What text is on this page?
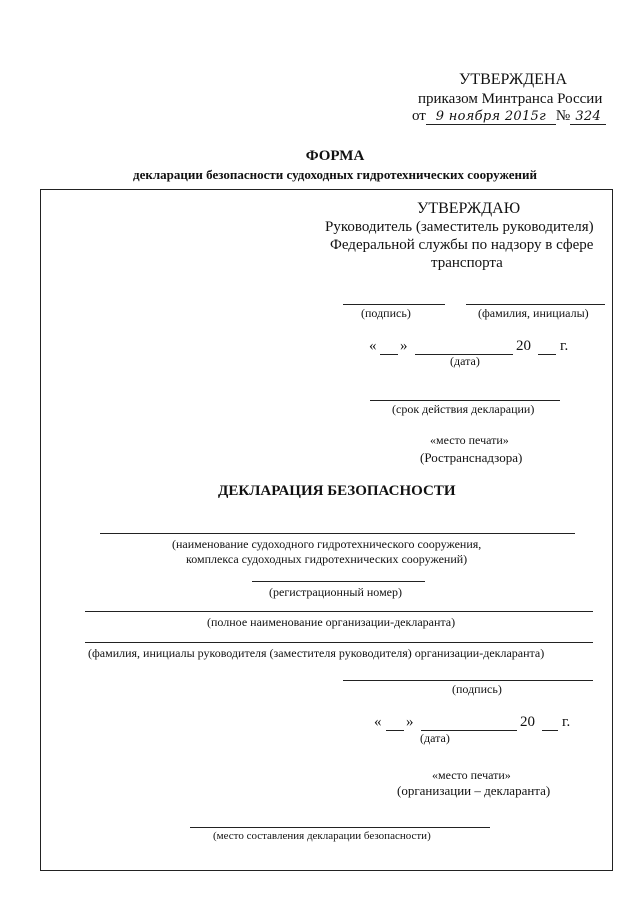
УТВЕРЖДЕНА
приказом Минтранса России
от 9 ноября 2015г № 324
ФОРМА
декларации безопасности судоходных гидротехнических сооружений
УТВЕРЖДАЮ
Руководитель (заместитель руководителя)
Федеральной службы по надзору в сфере
транспорта
(подпись)	(фамилия, инициалы)
« »	20 г.
(дата)
(срок действия декларации)
«место печати»
(Ространснадзора)
ДЕКЛАРАЦИЯ БЕЗОПАСНОСТИ
(наименование судоходного гидротехнического сооружения,
комплекса судоходных гидротехнических сооружений)
(регистрационный номер)
(полное наименование организации-декларанта)
(фамилия, инициалы руководителя (заместителя руководителя) организации-декларанта)
(подпись)
« »	20 г.
(дата)
«место печати»
(организации – декларанта)
(место составления декларации безопасности)
